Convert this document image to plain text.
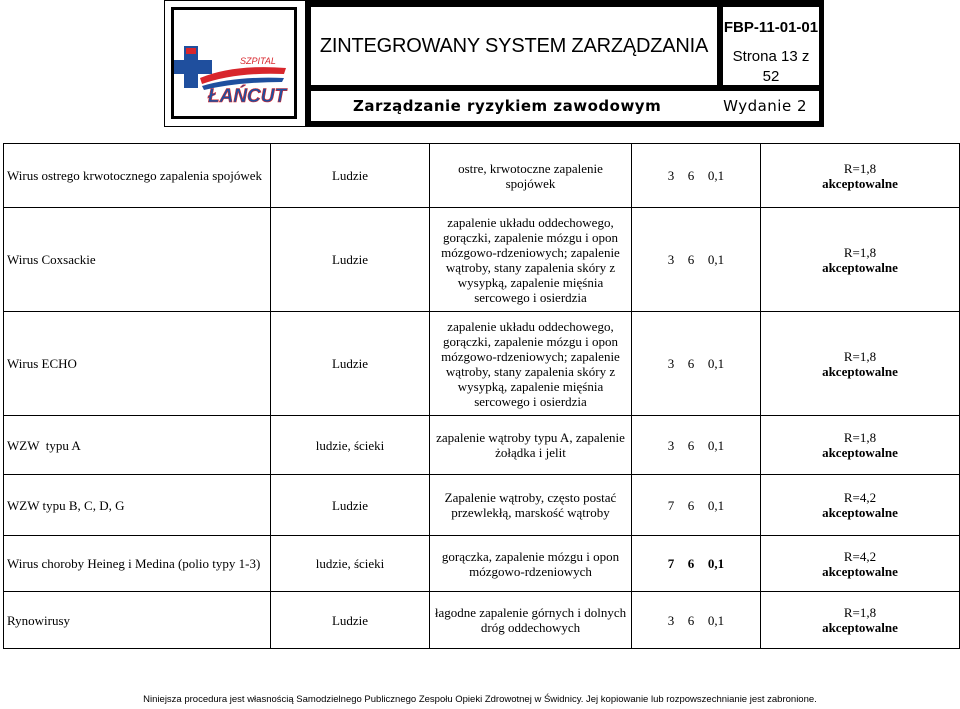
SZPITAL
ŁAŃCUT
ZINTEGROWANY SYSTEM ZARZĄDZANIA
FBP-11-01-01
Strona 13 z
52
Zarządzanie ryzykiem zawodowym	Wydanie 2
Wirus ostrego krwotocznego zapalenia spojówek	Ludzie	ostre, krwotoczne zapalenie spojówek	3 6 0,1	R=1,8
akceptowalne

Wirus Coxsackie	Ludzie	zapalenie układu oddechowego, gorączki, zapalenie mózgu i opon mózgowo-rdzeniowych; zapalenie wątroby, stany zapalenia skóry z wysypką, zapalenie mięśnia sercowego i osierdzia	3 6 0,1	R=1,8
akceptowalne

Wirus ECHO	Ludzie	zapalenie układu oddechowego, gorączki, zapalenie mózgu i opon mózgowo-rdzeniowych; zapalenie wątroby, stany zapalenia skóry z wysypką, zapalenie mięśnia sercowego i osierdzia	3 6 0,1	R=1,8
akceptowalne

WZW  typu A	ludzie, ścieki	zapalenie wątroby typu A, zapalenie żołądka i jelit	3 6 0,1	R=1,8
akceptowalne

WZW typu B, C, D, G	Ludzie	Zapalenie wątroby, często postać przewlekłą, marskość wątroby	7 6 0,1	R=4,2
akceptowalne

Wirus choroby Heineg i Medina (polio typy 1-3)	ludzie, ścieki	gorączka, zapalenie mózgu i opon mózgowo-rdzeniowych	7 6 0,1	R=4,2
akceptowalne

Rynowirusy	Ludzie	łagodne zapalenie górnych i dolnych dróg oddechowych	3 6 0,1	R=1,8
akceptowalne
Niniejsza procedura jest własnością Samodzielnego Publicznego Zespołu Opieki Zdrowotnej w Świdnicy. Jej kopiowanie lub rozpowszechnianie jest zabronione.
